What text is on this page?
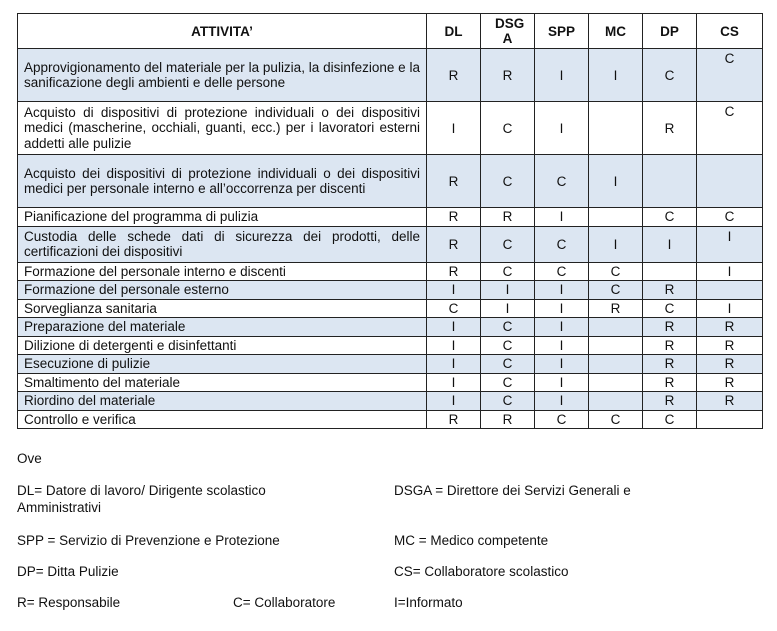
ATTIVITA’	DL	DSG A	SPP	MC	DP	CS
Approvigionamento del materiale per la pulizia, la disinfezione e la sanificazione degli ambienti e delle persone	R	R	I	I	C	C
Acquisto di dispositivi di protezione individuali o dei dispositivi medici (mascherine, occhiali, guanti, ecc.) per i lavoratori esterni addetti alle pulizie	I	C	I		R	C
Acquisto dei dispositivi di protezione individuali o dei dispositivi medici per personale interno e all’occorrenza per discenti	R	C	C	I		
Pianificazione del programma di pulizia	R	R	I		C	C
Custodia delle schede dati di sicurezza dei prodotti, delle certificazioni dei dispositivi	R	C	C	I	I	I
Formazione del personale interno e discenti	R	C	C	C		I
Formazione del personale esterno	I	I	I	C	R	
Sorveglianza sanitaria	C	I	I	R	C	I
Preparazione del materiale	I	C	I		R	R
Dilizione di detergenti e disinfettanti	I	C	I		R	R
Esecuzione di pulizie	I	C	I		R	R
Smaltimento del materiale	I	C	I		R	R
Riordino del materiale	I	C	I		R	R
Controllo e verifica	R	R	C	C	C	
Ove
DL= Datore di lavoro/ Dirigente scolastico
Amministrativi
DSGA = Direttore dei Servizi Generali e
SPP = Servizio di Prevenzione e Protezione	MC = Medico competente
DP= Ditta Pulizie	CS= Collaboratore scolastico
R= Responsabile	C= Collaboratore	I=Informato
